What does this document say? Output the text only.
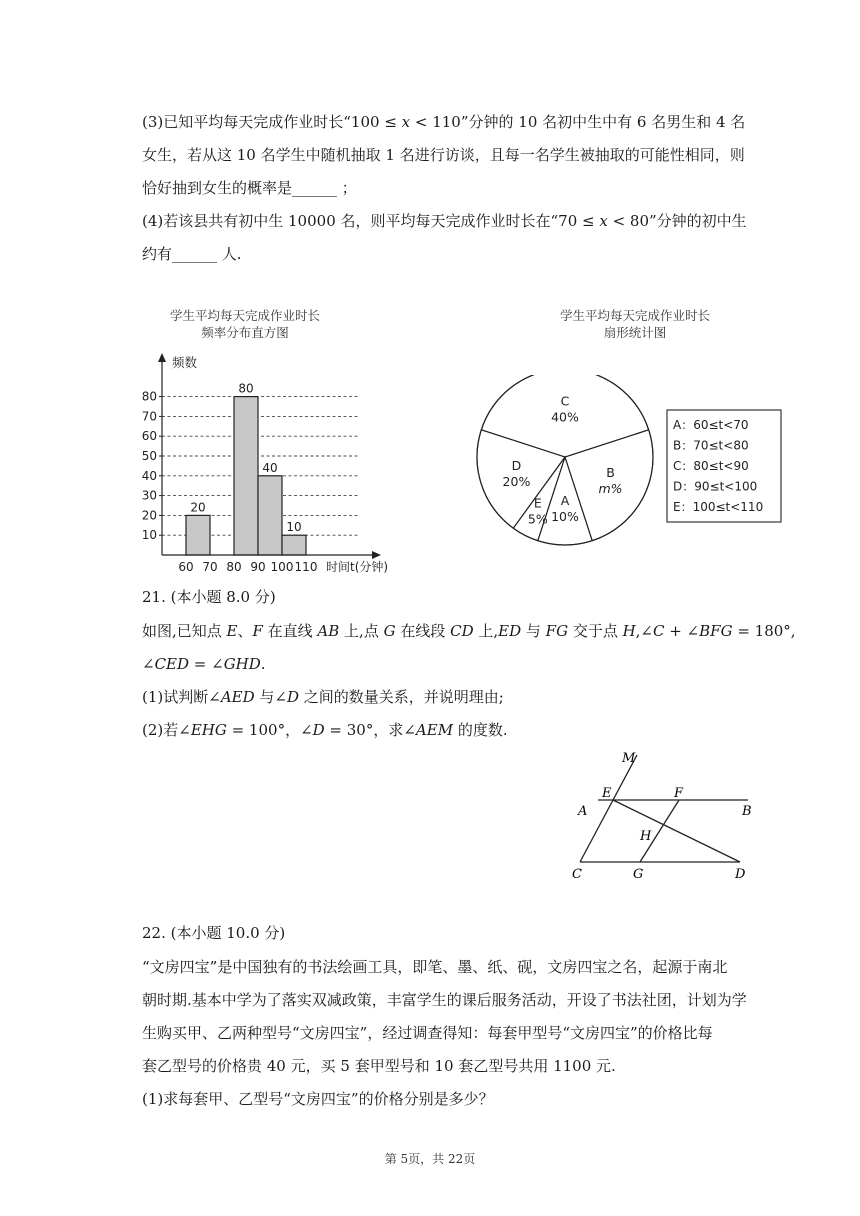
(3)已知平均每天完成作业时长“100 ≤ 𝑥 < 110”分钟的 10 名初中生中有 6 名男生和 4 名
女生，若从这 10 名学生中随机抽取 1 名进行访谈，且每一名学生被抽取的可能性相同，则
恰好抽到女生的概率是______ ；
(4)若该县共有初中生 10000 名，则平均每天完成作业时长在“70 ≤ 𝑥 < 80”分钟的初中生
约有______ 人.
学生平均每天完成作业时长
频率分布直方图
学生平均每天完成作业时长
扇形统计图
10
20
30
40
50
60
70
80
20
80
40
10
60 70 80 90 100 110
频数
时间t(分钟)
C
40%
B
m%
A
10%
E
5%
D
20%
A：60≤t<70
B：70≤t<80
C：80≤t<90
D：90≤t<100
E：100≤t<110
21. (本小题 8.0 分)
如图,已知点 𝐸、𝐹 在直线 𝐴𝐵 上,点 𝐺 在线段 𝐶𝐷 上,𝐸𝐷 与 𝐹𝐺 交于点 𝐻,∠𝐶 + ∠𝐵𝐹𝐺 = 180°,
∠𝐶𝐸𝐷 = ∠𝐺𝐻𝐷.
(1)试判断∠𝐴𝐸𝐷 与∠𝐷 之间的数量关系，并说明理由;
(2)若∠𝐸𝐻𝐺 = 100°，∠𝐷 = 30°，求∠𝐴𝐸𝑀 的度数.
M
E	F
A	B
H
C	G	D
22. (本小题 10.0 分)
“文房四宝”是中国独有的书法绘画工具，即笔、墨、纸、砚，文房四宝之名，起源于南北
朝时期.基本中学为了落实双减政策，丰富学生的课后服务活动，开设了书法社团，计划为学
生购买甲、乙两种型号“文房四宝”，经过调查得知：每套甲型号“文房四宝”的价格比每
套乙型号的价格贵 40 元，买 5 套甲型号和 10 套乙型号共用 1100 元.
(1)求每套甲、乙型号“文房四宝”的价格分别是多少？
第 5页，共 22页
